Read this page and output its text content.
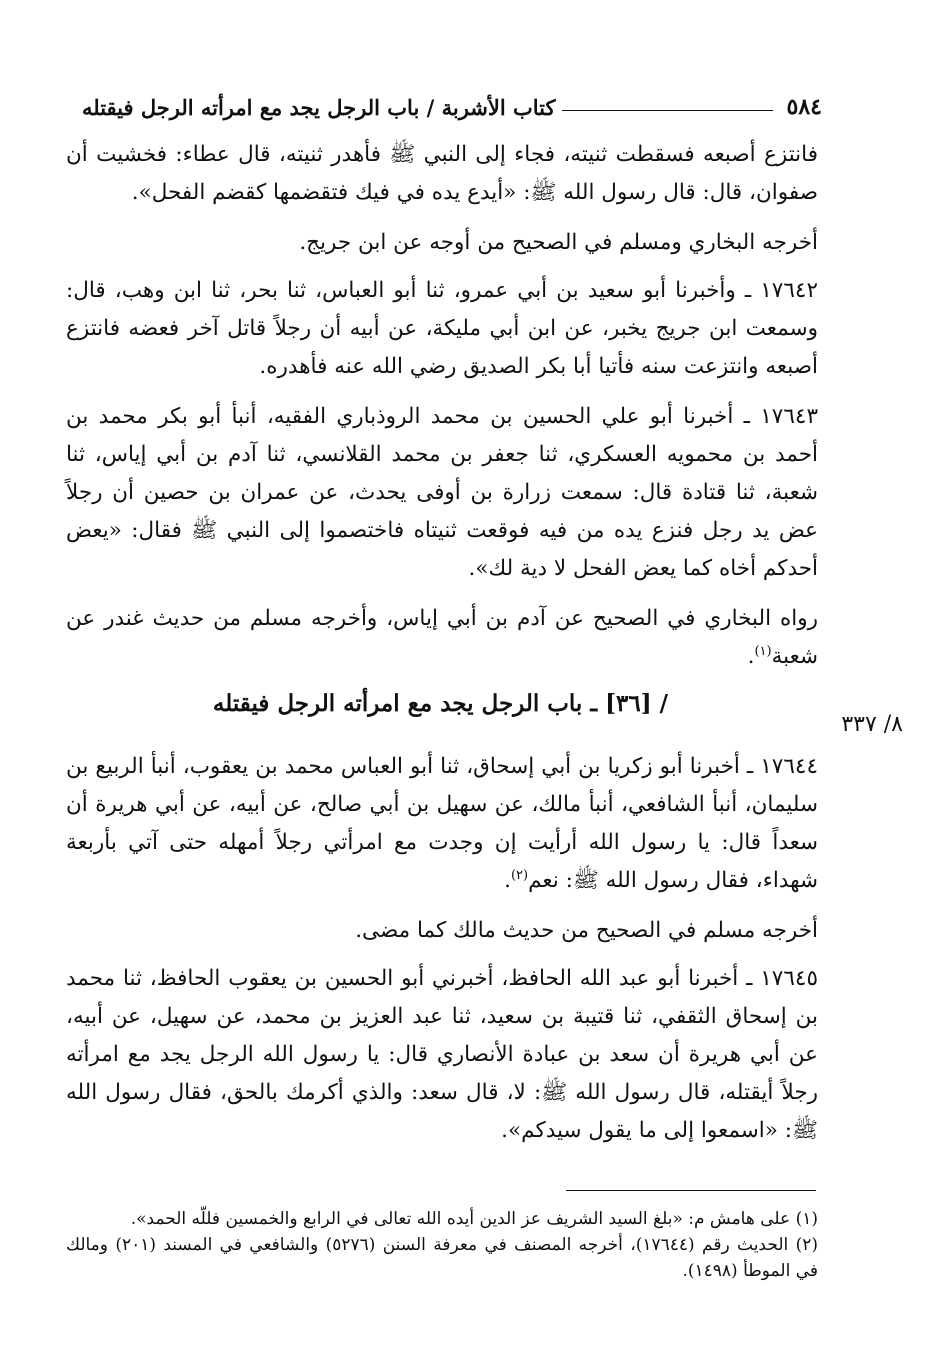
٥٨٤
كتاب الأشربة / باب الرجل يجد مع امرأته الرجل فيقتله

فانتزع أصبعه فسقطت ثنيته، فجاء إلى النبي ﷺ فأهدر ثنيته، قال عطاء: فخشيت أن صفوان، قال: قال رسول الله ﷺ: «أيدع يده في فيك فتقضمها كقضم الفحل».

أخرجه البخاري ومسلم في الصحيح من أوجه عن ابن جريج.

١٧٦٤٢ ـ وأخبرنا أبو سعيد بن أبي عمرو، ثنا أبو العباس، ثنا بحر، ثنا ابن وهب، قال: وسمعت ابن جريج يخبر، عن ابن أبي مليكة، عن أبيه أن رجلاً قاتل آخر فعضه فانتزع أصبعه وانتزعت سنه فأتيا أبا بكر الصديق رضي الله عنه فأهدره.

١٧٦٤٣ ـ أخبرنا أبو علي الحسين بن محمد الروذباري الفقيه، أنبأ أبو بكر محمد بن أحمد بن محمويه العسكري، ثنا جعفر بن محمد القلانسي، ثنا آدم بن أبي إياس، ثنا شعبة، ثنا قتادة قال: سمعت زرارة بن أوفى يحدث، عن عمران بن حصين أن رجلاً عض يد رجل فنزع يده من فيه فوقعت ثنيتاه فاختصموا إلى النبي ﷺ فقال: «يعض أحدكم أخاه كما يعض الفحل لا دية لك».

رواه البخاري في الصحيح عن آدم بن أبي إياس، وأخرجه مسلم من حديث غندر عن شعبة$^{(١)}$.

/ [٣٦] ـ باب الرجل يجد مع امرأته الرجل فيقتله

١٧٦٤٤ ـ أخبرنا أبو زكريا بن أبي إسحاق، ثنا أبو العباس محمد بن يعقوب، أنبأ الربيع بن سليمان، أنبأ الشافعي، أنبأ مالك، عن سهيل بن أبي صالح، عن أبيه، عن أبي هريرة أن سعداً قال: يا رسول الله أرأيت إن وجدت مع امرأتي رجلاً أمهله حتى آتي بأربعة شهداء، فقال رسول الله ﷺ: نعم$^{(٢)}$.

أخرجه مسلم في الصحيح من حديث مالك كما مضى.

١٧٦٤٥ ـ أخبرنا أبو عبد الله الحافظ، أخبرني أبو الحسين بن يعقوب الحافظ، ثنا محمد بن إسحاق الثقفي، ثنا قتيبة بن سعيد، ثنا عبد العزيز بن محمد، عن سهيل، عن أبيه، عن أبي هريرة أن سعد بن عبادة الأنصاري قال: يا رسول الله الرجل يجد مع امرأته رجلاً أيقتله، قال رسول الله ﷺ: لا، قال سعد: والذي أكرمك بالحق، فقال رسول الله ﷺ: «اسمعوا إلى ما يقول سيدكم».

٨/ ٣٣٧

(١) على هامش م: «بلغ السيد الشريف عز الدين أيده الله تعالى في الرابع والخمسين فللّه الحمد».

(٢) الحديث رقم (١٧٦٤٤)، أخرجه المصنف في معرفة السنن (٥٢٧٦) والشافعي في المسند (٢٠١) ومالك في الموطأ (١٤٩٨).
